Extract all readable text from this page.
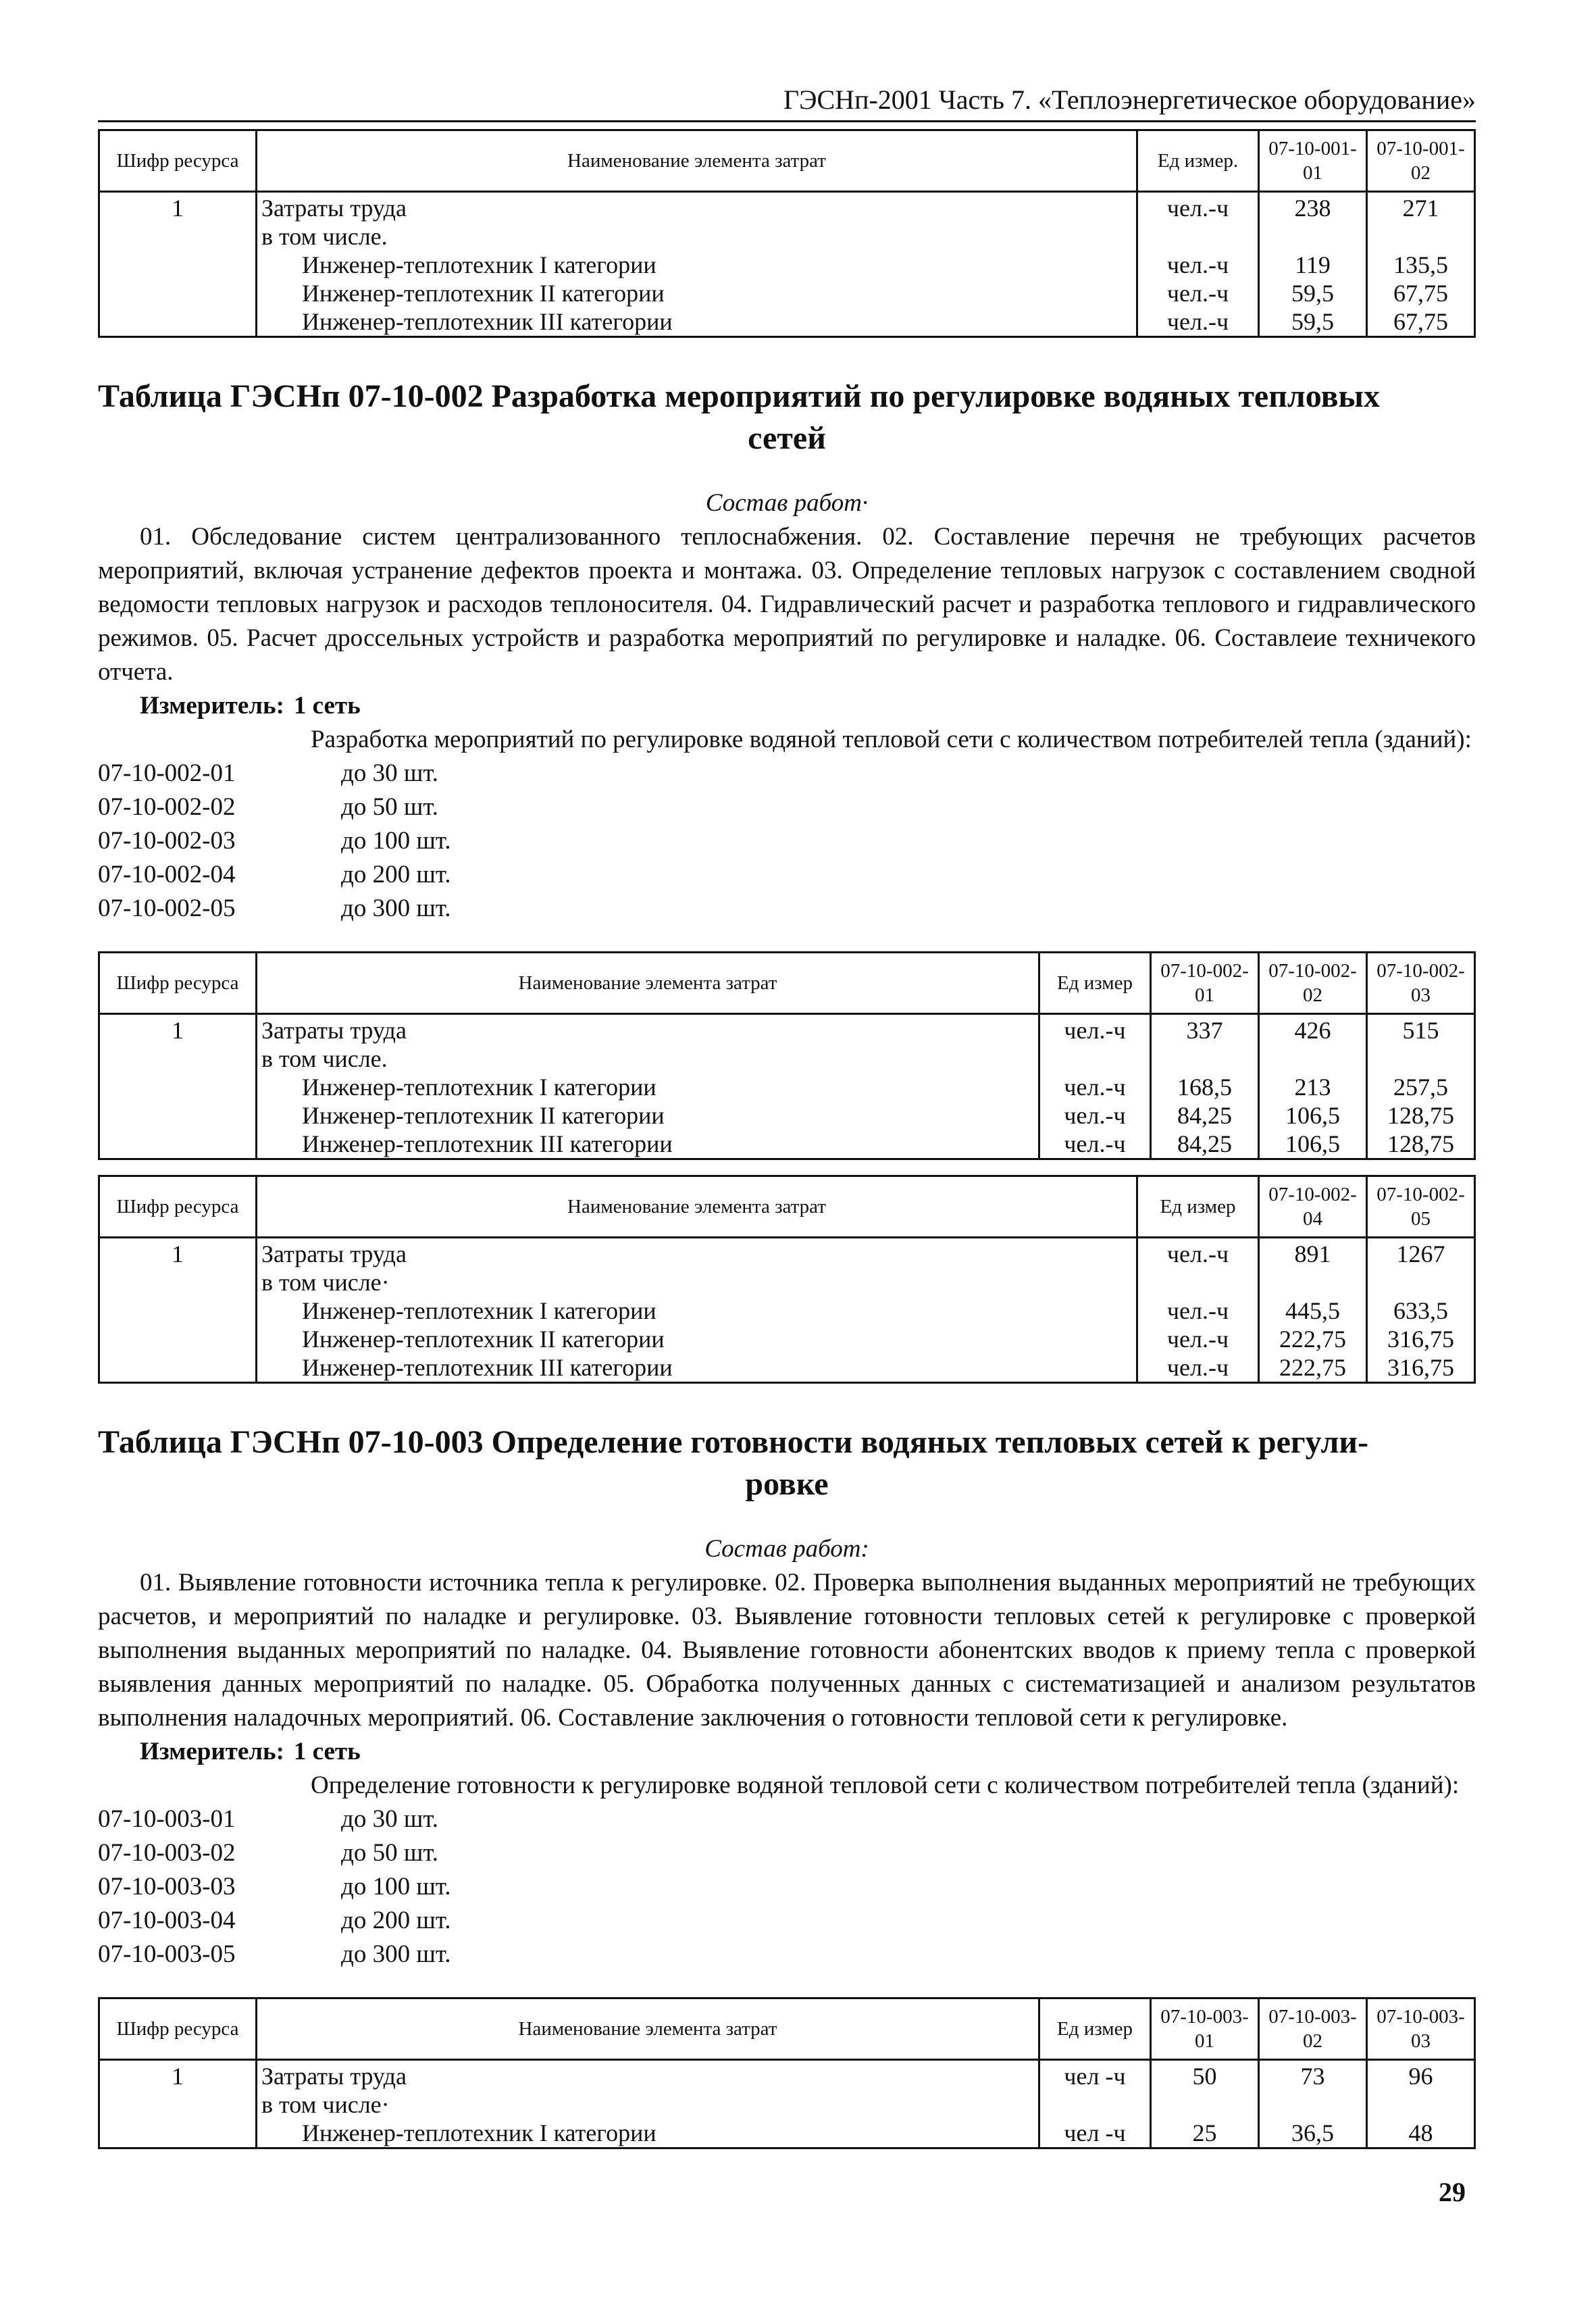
ГЭСНп-2001 Часть 7. «Теплоэнергетическое оборудование»
Шифр ресурса	Наименование элемента затрат	Ед измер.	07-10-001-01	07-10-001-02
1	Затраты труда	чел.-ч	238	271
	в том числе.			
	Инженер-теплотехник I категории	чел.-ч	119	135,5
	Инженер-теплотехник II категории	чел.-ч	59,5	67,75
	Инженер-теплотехник III категории	чел.-ч	59,5	67,75
Таблица ГЭСНп 07-10-002 Разработка мероприятий по регулировке водяных тепловых
сетей
Состав работ·

01. Обследование систем централизованного теплоснабжения. 02. Составление перечня не требующих расчетов мероприятий, включая устранение дефектов проекта и монтажа. 03. Определение тепловых нагрузок с составлением сводной ведомости тепловых нагрузок и расходов теплоносителя. 04. Гидравлический расчет и разработка теплового и гидравлического режимов. 05. Расчет дроссельных устройств и разработка мероприятий по регулировке и наладке. 06. Составлеие техничекого отчета.

Измеритель: 1 сеть
Разработка мероприятий по регулировке водяной тепловой сети с количеством потребителей тепла (зданий):
07-10-002-01	до 30 шт.
07-10-002-02	до 50 шт.
07-10-002-03	до 100 шт.
07-10-002-04	до 200 шт.
07-10-002-05	до 300 шт.
Шифр ресурса	Наименование элемента затрат	Ед измер	07-10-002-01	07-10-002-02	07-10-002-03
1	Затраты труда	чел.-ч	337	426	515
	в том числе.				
	Инженер-теплотехник I категории	чел.-ч	168,5	213	257,5
	Инженер-теплотехник II категории	чел.-ч	84,25	106,5	128,75
	Инженер-теплотехник III категории	чел.-ч	84,25	106,5	128,75
Шифр ресурса	Наименование элемента затрат	Ед измер	07-10-002-04	07-10-002-05
1	Затраты труда	чел.-ч	891	1267
	в том числе·			
	Инженер-теплотехник I категории	чел.-ч	445,5	633,5
	Инженер-теплотехник II категории	чел.-ч	222,75	316,75
	Инженер-теплотехник III категории	чел.-ч	222,75	316,75
Таблица ГЭСНп 07-10-003 Определение готовности водяных тепловых сетей к регули-
ровке
Состав работ:

01. Выявление готовности источника тепла к регулировке. 02. Проверка выполнения выданных мероприятий не требующих расчетов, и мероприятий по наладке и регулировке. 03. Выявление готовности тепловых сетей к регулировке с проверкой выполнения выданных мероприятий по наладке. 04. Выявление готовности абонентских вводов к приему тепла с проверкой выявления данных мероприятий по наладке. 05. Обработка полученных данных с систематизацией и анализом результатов выполнения наладочных мероприятий. 06. Составление заключения о готовности тепловой сети к регулировке.

Измеритель: 1 сеть
Определение готовности к регулировке водяной тепловой сети с количеством потребителей тепла (зданий):
07-10-003-01	до 30 шт.
07-10-003-02	до 50 шт.
07-10-003-03	до 100 шт.
07-10-003-04	до 200 шт.
07-10-003-05	до 300 шт.
Шифр ресурса	Наименование элемента затрат	Ед измер	07-10-003-01	07-10-003-02	07-10-003-03
1	Затраты труда	чел -ч	50	73	96
	в том числе·				
	Инженер-теплотехник I категории	чел -ч	25	36,5	48
29
